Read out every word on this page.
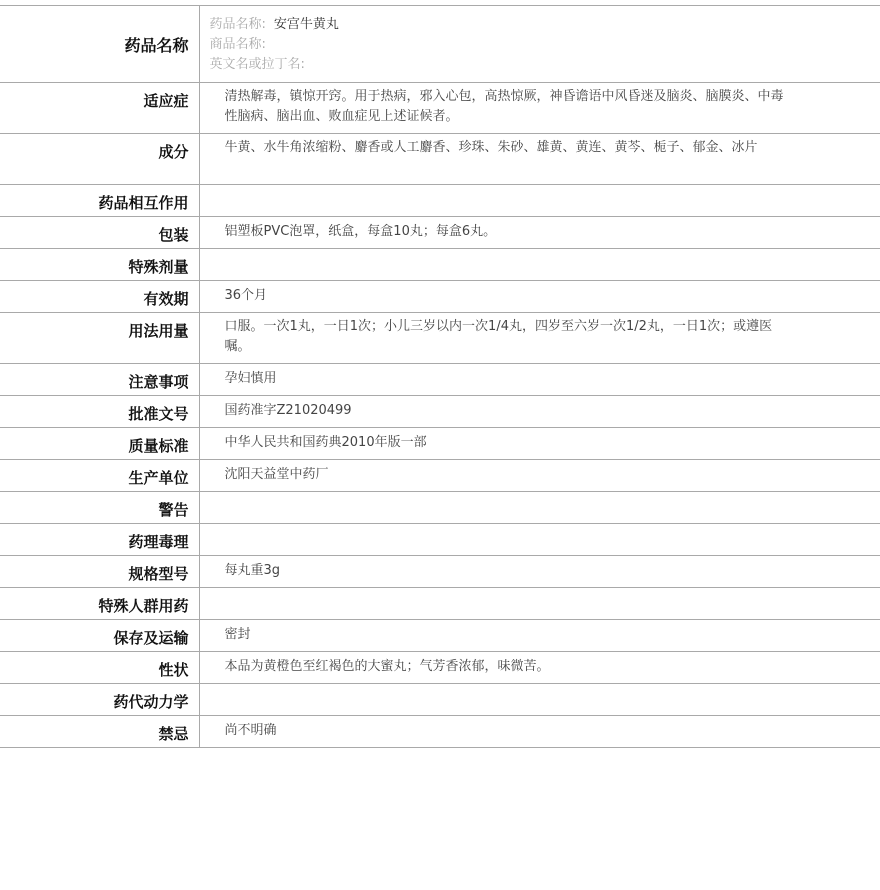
药品名称	药品名称: 安宫牛黄丸
商品名称:
英文名或拉丁名:

适应症	清热解毒，镇惊开窍。用于热病，邪入心包，高热惊厥，神昏谵语中风昏迷及脑炎、脑膜炎、中毒性脑病、脑出血、败血症见上述证候者。
成分	牛黄、水牛角浓缩粉、麝香或人工麝香、珍珠、朱砂、雄黄、黄连、黄芩、栀子、郁金、冰片
药品相互作用	
包装	铝塑板PVC泡罩，纸盒，每盒10丸；每盒6丸。
特殊剂量	
有效期	36个月
用法用量	口服。一次1丸，一日1次；小儿三岁以内一次1/4丸，四岁至六岁一次1/2丸，一日1次；或遵医嘱。
注意事项	孕妇慎用
批准文号	国药准字Z21020499
质量标准	中华人民共和国药典2010年版一部
生产单位	沈阳天益堂中药厂
警告	
药理毒理	
规格型号	每丸重3g
特殊人群用药	
保存及运输	密封
性状	本品为黄橙色至红褐色的大蜜丸；气芳香浓郁，味微苦。
药代动力学	
禁忌	尚不明确
